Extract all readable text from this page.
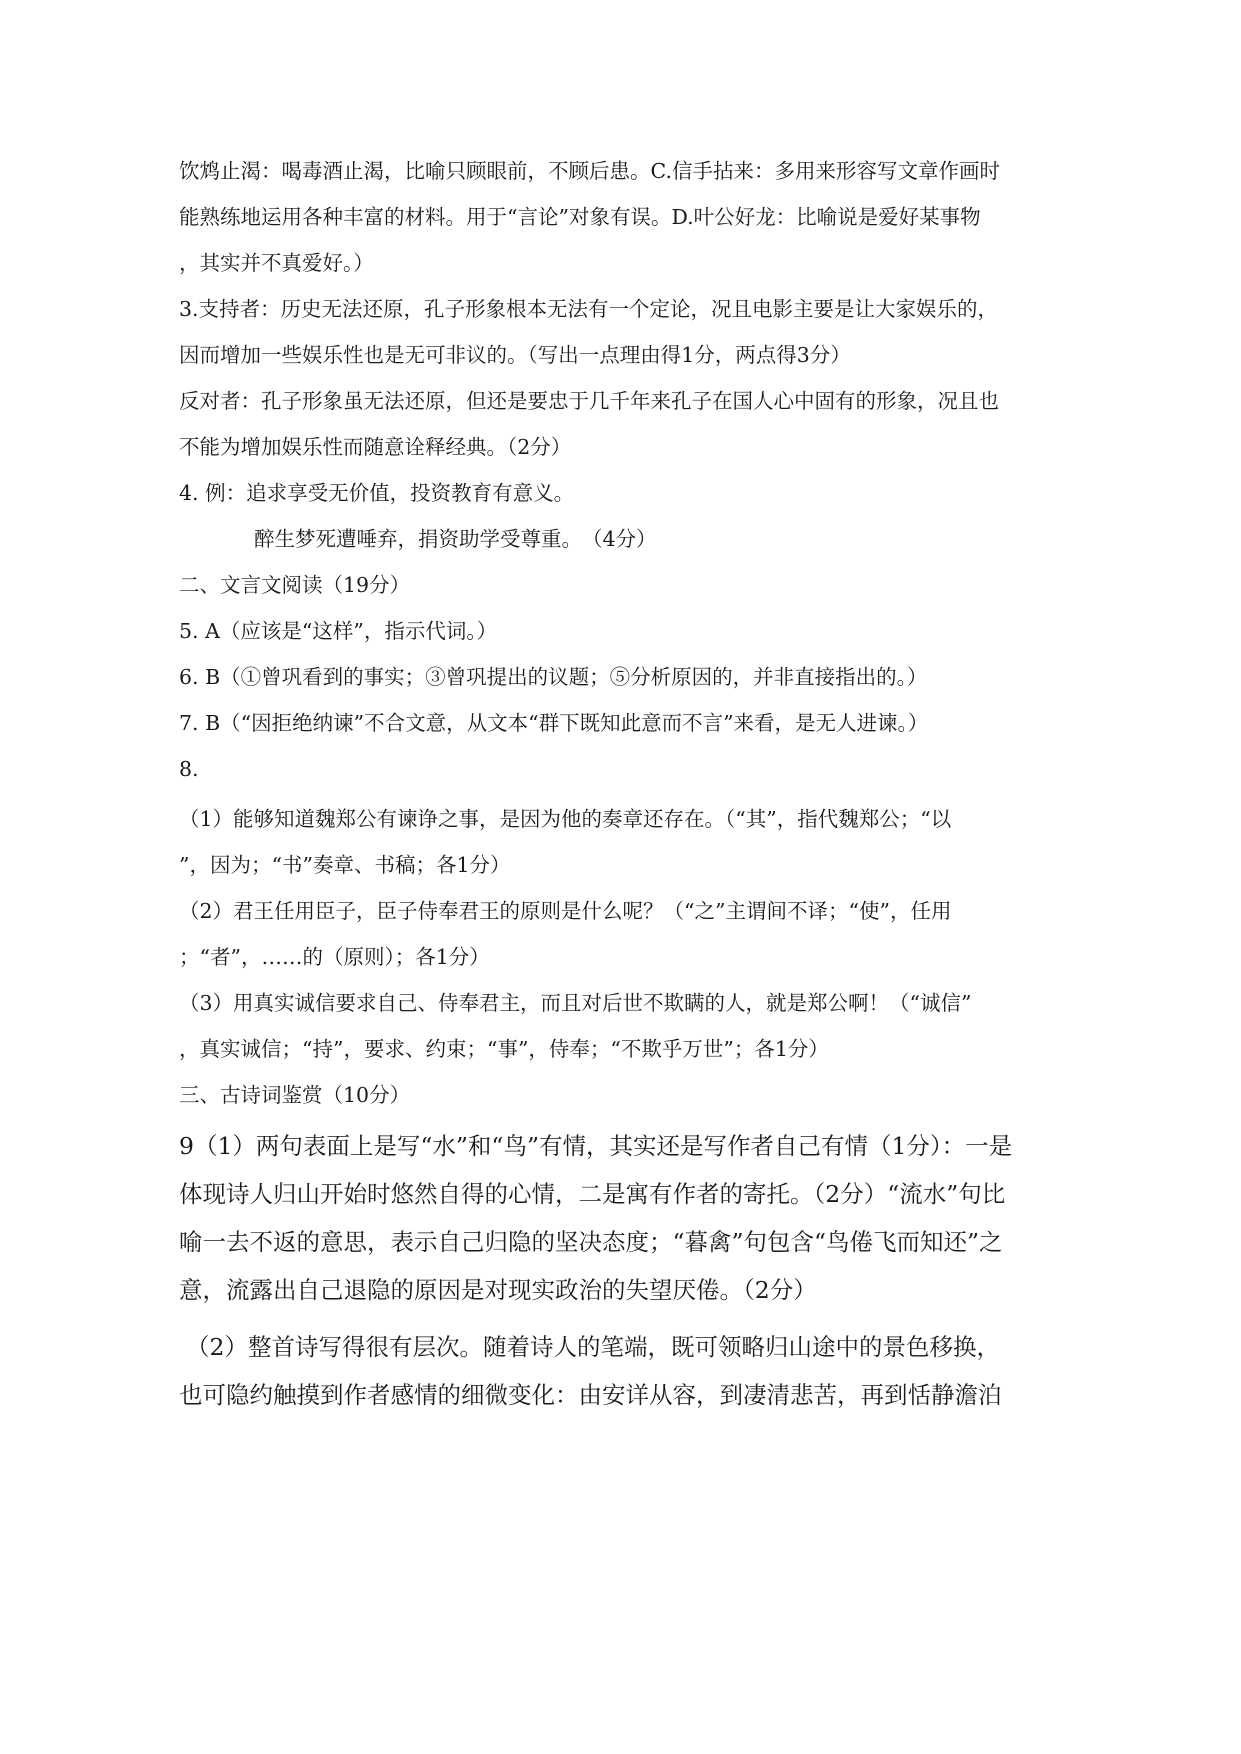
饮鸩止渴：喝毒酒止渴，比喻只顾眼前，不顾后患。C.信手拈来：多用来形容写文章作画时
能熟练地运用各种丰富的材料。用于“言论”对象有误。D.叶公好龙：比喻说是爱好某事物
，其实并不真爱好。）
3.支持者：历史无法还原，孔子形象根本无法有一个定论，况且电影主要是让大家娱乐的，
因而增加一些娱乐性也是无可非议的。（写出一点理由得1分，两点得3分）
反对者：孔子形象虽无法还原，但还是要忠于几千年来孔子在国人心中固有的形象，况且也
不能为增加娱乐性而随意诠释经典。（2分）
4. 例：追求享受无价值，投资教育有意义。
醉生梦死遭唾弃，捐资助学受尊重。　（4分）
二、文言文阅读（19分）
5. A（应该是“这样”，指示代词。）
6. B（①曾巩看到的事实；③曾巩提出的议题；⑤分析原因的，并非直接指出的。）
7. B（“因拒绝纳谏”不合文意，从文本“群下既知此意而不言”来看，是无人进谏。）
8.
（1）能够知道魏郑公有谏诤之事，是因为他的奏章还存在。（“其”，指代魏郑公；“以
”，因为；“书”奏章、书稿；各1分）
（2）君王任用臣子，臣子侍奉君王的原则是什么呢？（“之”主谓间不译；“使”，任用
；“者”，……的（原则）；各1分）
（3）用真实诚信要求自己、侍奉君主，而且对后世不欺瞒的人，就是郑公啊！（“诚信”
，真实诚信；“持”，要求、约束；“事”，侍奉；“不欺乎万世”；各1分）
三、古诗词鉴赏（10分）
9（1）两句表面上是写“水”和“鸟”有情，其实还是写作者自己有情（1分）：一是
体现诗人归山开始时悠然自得的心情，二是寓有作者的寄托。（2分）“流水”句比
喻一去不返的意思，表示自己归隐的坚决态度；“暮禽”句包含“鸟倦飞而知还”之
意，流露出自己退隐的原因是对现实政治的失望厌倦。（2分）
（2）整首诗写得很有层次。随着诗人的笔端，既可领略归山途中的景色移换，
也可隐约触摸到作者感情的细微变化：由安详从容，到凄清悲苦，再到恬静澹泊
